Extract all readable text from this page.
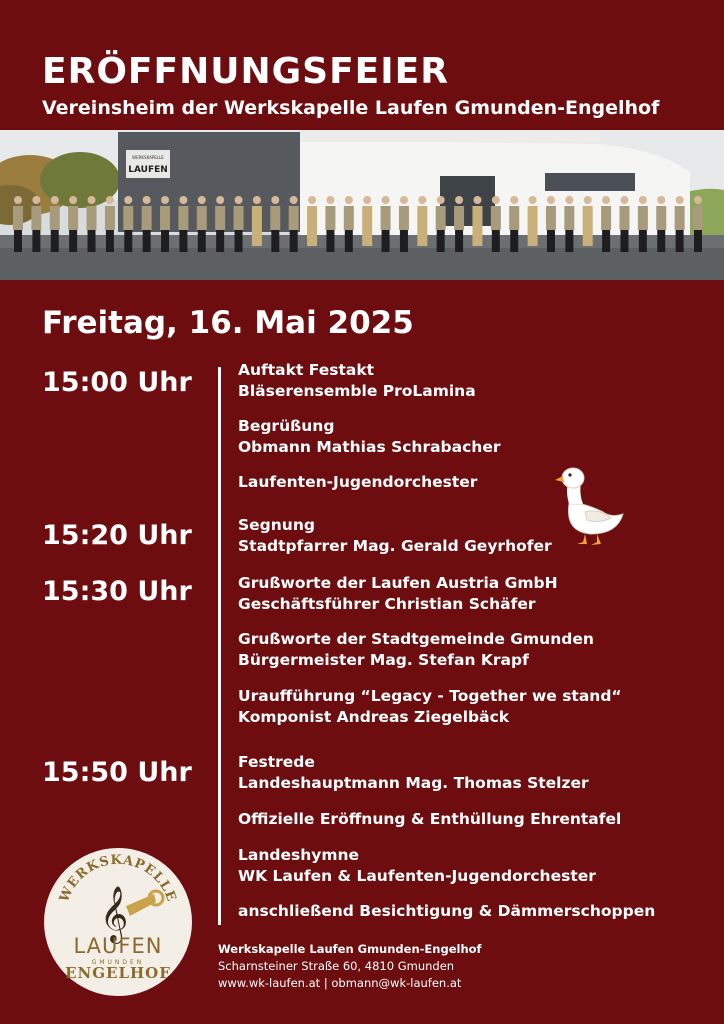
ERÖFFNUNGSFEIER
Vereinsheim der Werkskapelle Laufen Gmunden-Engelhof
WERKSKAPELLE
LAUFEN
Freitag, 16. Mai 2025
15:00 Uhr
15:20 Uhr
15:30 Uhr
15:50 Uhr
Auftakt Festakt
Bläserensemble ProLamina
Begrüßung
Obmann Mathias Schrabacher
Laufenten-Jugendorchester
Segnung
Stadtpfarrer Mag. Gerald Geyrhofer
Grußworte der Laufen Austria GmbH
Geschäftsführer Christian Schäfer
Grußworte der Stadtgemeinde Gmunden
Bürgermeister Mag. Stefan Krapf
Uraufführung “Legacy - Together we stand“
Komponist Andreas Ziegelbäck
Festrede
Landeshauptmann Mag. Thomas Stelzer
Offizielle Eröffnung & Enthüllung Ehrentafel
Landeshymne
WK Laufen & Laufenten-Jugendorchester
anschließend Besichtigung & Dämmerschoppen
WERKSKAPELLE
𝄞
LAUFEN
GMUNDEN
ENGELHOF
Werkskapelle Laufen Gmunden-Engelhof
Scharnsteiner Straße 60, 4810 Gmunden
www.wk-laufen.at | obmann@wk-laufen.at
